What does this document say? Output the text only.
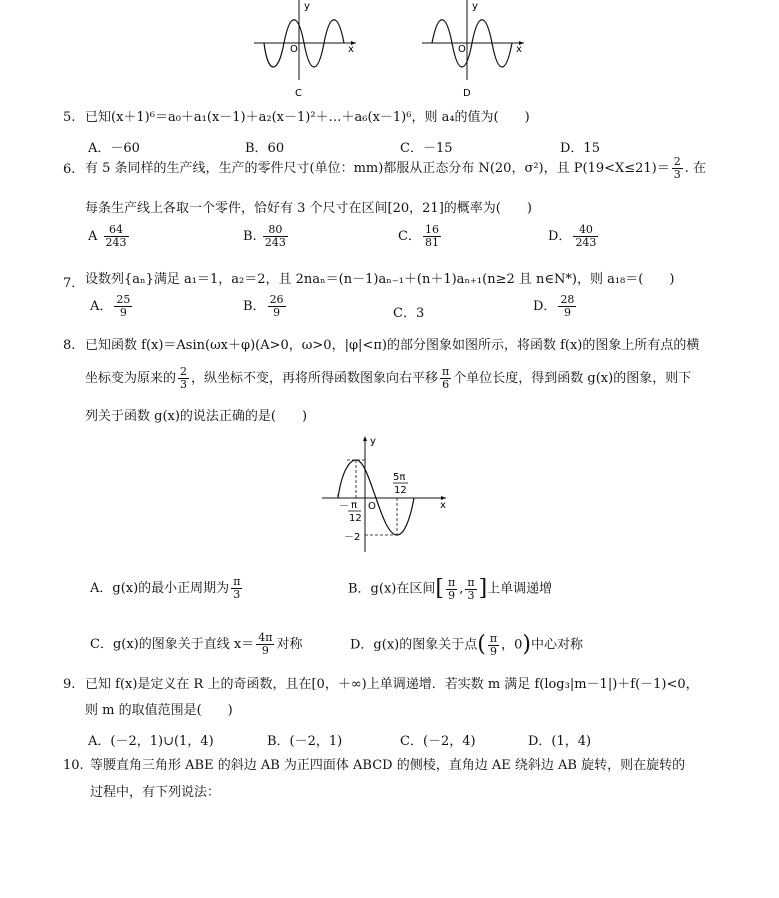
O
y
x
C
O
y
x
D
5. 已知(x＋1)⁶＝a₀＋a₁(x－1)＋a₂(x－1)²＋…＋a₆(x－1)⁶，则 a₄的值为(　　)
A．－60	B．60	C．－15	D．15
6. 有 5 条同样的生产线，生产的零件尺寸(单位：mm)都服从正态分布 N(20，σ²)，且 $P(19<X\le 21)= \frac{2}{3}$ . 在
每条生产线上各取一个零件，恰好有 3 个尺寸在区间[20，21]的概率为(　　)
A $\frac{64}{243}$	B. $\frac{80}{243}$	C． $\frac{16}{81}$	D． $\frac{40}{243}$
7． 设数列{aₙ}满足 a₁＝1，a₂＝2，且 2naₙ＝(n－1)aₙ₋₁＋(n＋1)aₙ₊₁(n≥2 且 n∈N*)，则 a₁₈＝(　　)
A． $\frac{25}{9}$	B． $\frac{26}{9}$	C．3	D． $\frac{28}{9}$
8. 已知函数 f(x)＝Asin(ωx＋φ)(A>0，ω>0，|φ|<π)的部分图象如图所示，将函数 f(x)的图象上所有点的横
坐标变为原来的 $\frac{2}{3}$ ，纵坐标不变，再将所得函数图象向右平移 $\frac{\pi}{6}$ 个单位长度，得到函数 g(x)的图象，则下
列关于函数 g(x)的说法正确的是(　　)
y
x
O
5π
12
－ π
12
－2
A．g(x)的最小正周期为 $\frac{\pi}{3}$	B．g(x)在区间[ $\frac{\pi}{9}$ , $\frac{\pi}{3}$ ]上单调递增
C．g(x)的图象关于直线 $x= \frac{4\pi}{9}$ 对称	D．g(x)的图象关于点( $\frac{\pi}{9}$ ，0)中心对称
9. 已知 f(x)是定义在 R 上的奇函数，且在[0，＋∞)上单调递增．若实数 m 满足 f(log₃|m－1|)＋f(－1)<0，
则 m 的取值范围是(　　)
A．(－2，1)∪(1，4)	B．(－2，1)	C．(－2，4)	D．(1，4)
10. 等腰直角三角形 ABE 的斜边 AB 为正四面体 ABCD 的侧棱，直角边 AE 绕斜边 AB 旋转，则在旋转的
过程中，有下列说法：
